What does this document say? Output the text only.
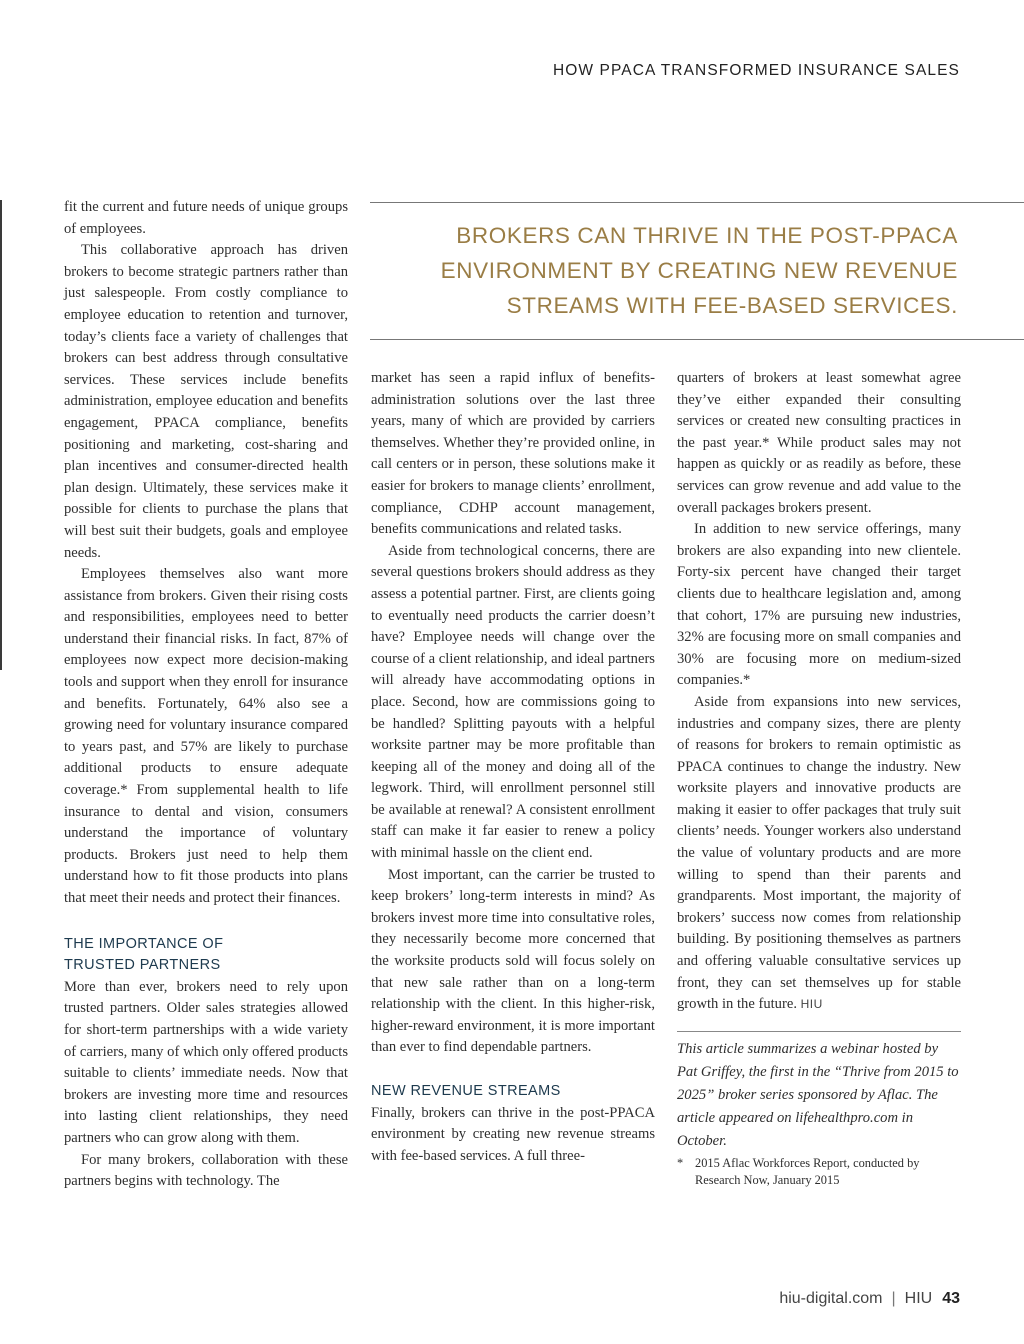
HOW PPACA TRANSFORMED INSURANCE SALES
BROKERS CAN THRIVE IN THE POST-PPACA
ENVIRONMENT BY CREATING NEW REVENUE
STREAMS WITH FEE-BASED SERVICES.

fit the current and future needs of unique groups of employees.

This collaborative approach has driven brokers to become strategic partners rather than just salespeople. From costly compliance to employee education to retention and turnover, today’s clients face a variety of challenges that brokers can best address through consultative services. These services include benefits administration, employee education and benefits engagement, PPACA compliance, benefits positioning and marketing, cost-sharing and plan incentives and consumer-directed health plan design. Ultimately, these services make it possible for clients to purchase the plans that will best suit their budgets, goals and employee needs.

Employees themselves also want more assistance from brokers. Given their rising costs and responsibilities, employees need to better understand their financial risks. In fact, 87% of employees now expect more decision-making tools and support when they enroll for insurance and benefits. Fortunately, 64% also see a growing need for voluntary insurance compared to years past, and 57% are likely to purchase additional products to ensure adequate coverage.* From supplemental health to life insurance to dental and vision, consumers understand the importance of voluntary products. Brokers just need to help them understand how to fit those products into plans that meet their needs and protect their finances.

THE IMPORTANCE OF
TRUSTED PARTNERS

More than ever, brokers need to rely upon trusted partners. Older sales strategies allowed for short-term partnerships with a wide variety of carriers, many of which only offered products suitable to clients’ immediate needs. Now that brokers are investing more time and resources into lasting client relationships, they need partners who can grow along with them.

For many brokers, collaboration with these partners begins with technology. The

market has seen a rapid influx of benefits-administration solutions over the last three years, many of which are provided by carriers themselves. Whether they’re provided online, in call centers or in person, these solutions make it easier for brokers to manage clients’ enrollment, compliance, CDHP account management, benefits communications and related tasks.

Aside from technological concerns, there are several questions brokers should address as they assess a potential partner. First, are clients going to eventually need products the carrier doesn’t have? Employee needs will change over the course of a client relationship, and ideal partners will already have accommodating options in place. Second, how are commissions going to be handled? Splitting payouts with a helpful worksite partner may be more profitable than keeping all of the money and doing all of the legwork. Third, will enrollment personnel still be available at renewal? A consistent enrollment staff can make it far easier to renew a policy with minimal hassle on the client end.

Most important, can the carrier be trusted to keep brokers’ long-term interests in mind? As brokers invest more time into consultative roles, they necessarily become more concerned that the worksite products sold will focus solely on that new sale rather than on a long-term relationship with the client. In this higher-risk, higher-reward environment, it is more important than ever to find dependable partners.

NEW REVENUE STREAMS

Finally, brokers can thrive in the post-PPACA environment by creating new revenue streams with fee-based services. A full three-

quarters of brokers at least somewhat agree they’ve either expanded their consulting services or created new consulting practices in the past year.* While product sales may not happen as quickly or as readily as before, these services can grow revenue and add value to the overall packages brokers present.

In addition to new service offerings, many brokers are also expanding into new clientele. Forty-six percent have changed their target clients due to healthcare legislation and, among that cohort, 17% are pursuing new industries, 32% are focusing more on small companies and 30% are focusing more on medium-sized companies.*

Aside from expansions into new services, industries and company sizes, there are plenty of reasons for brokers to remain optimistic as PPACA continues to change the industry. New worksite players and innovative products are making it easier to offer packages that truly suit clients’ needs. Younger workers also understand the value of voluntary products and are more willing to spend than their parents and grandparents. Most important, the majority of brokers’ success now comes from relationship building. By positioning themselves as partners and offering valuable consultative services up front, they can set themselves up for stable growth in the future. HIU

This article summarizes a webinar hosted by Pat Griffey, the first in the “Thrive from 2015 to 2025” broker series sponsored by Aflac. The article appeared on lifehealthpro.com in October.

* 2015 Aflac Workforces Report, conducted by Research Now, January 2015
hiu-digital.com | HIU 43
